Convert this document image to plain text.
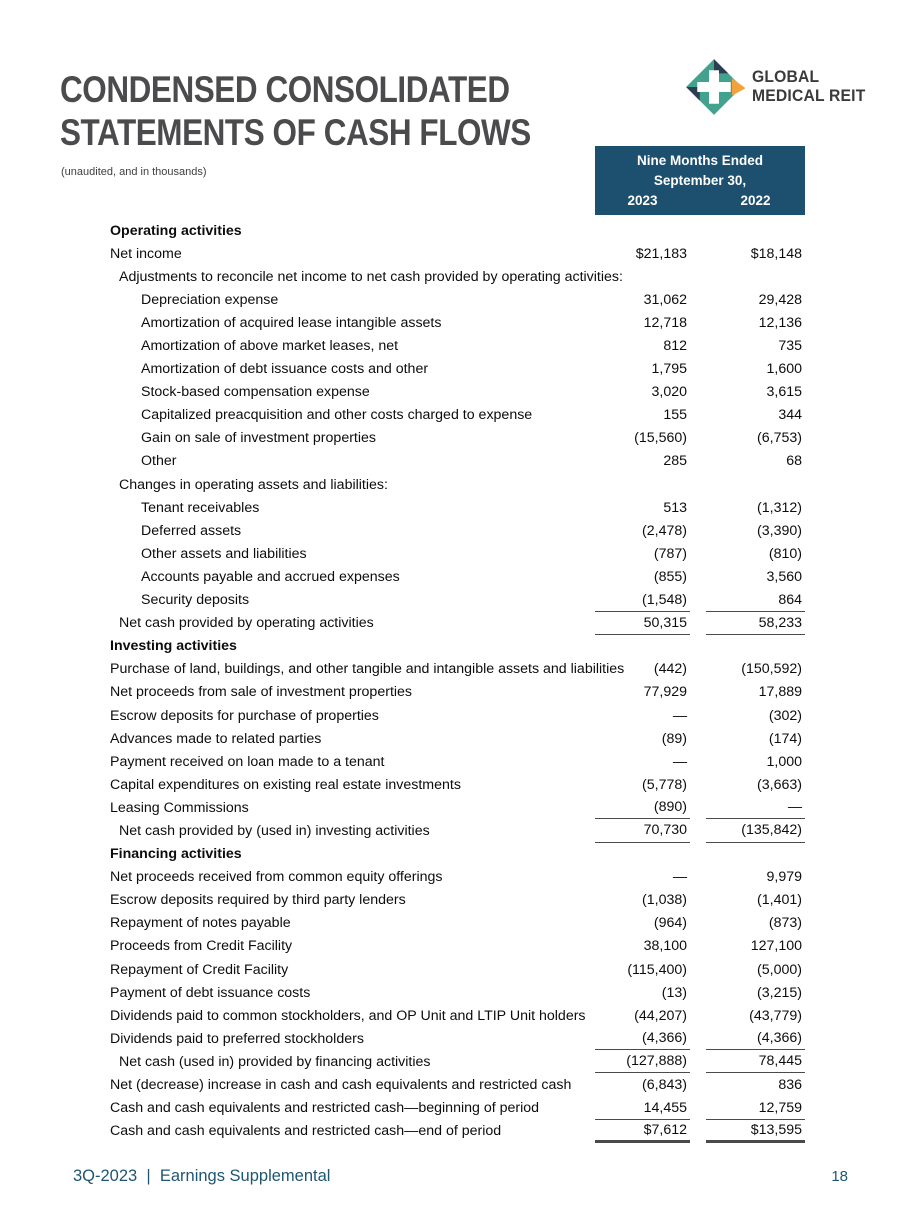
CONDENSED CONSOLIDATED
STATEMENTS OF CASH FLOWS
(unaudited, and in thousands)
GLOBAL
MEDICAL REIT
Nine Months Ended
September 30,
2023	2022
Operating activities
Net income	$21,183	$18,148
Adjustments to reconcile net income to net cash provided by operating activities:
Depreciation expense	31,062	29,428
Amortization of acquired lease intangible assets	12,718	12,136
Amortization of above market leases, net	812	735
Amortization of debt issuance costs and other	1,795	1,600
Stock-based compensation expense	3,020	3,615
Capitalized preacquisition and other costs charged to expense	155	344
Gain on sale of investment properties	(15,560)	(6,753)
Other	285	68
Changes in operating assets and liabilities:
Tenant receivables	513	(1,312)
Deferred assets	(2,478)	(3,390)
Other assets and liabilities	(787)	(810)
Accounts payable and accrued expenses	(855)	3,560
Security deposits	(1,548)	864
Net cash provided by operating activities	50,315	58,233
Investing activities
Purchase of land, buildings, and other tangible and intangible assets and liabilities	(442)	(150,592)
Net proceeds from sale of investment properties	77,929	17,889
Escrow deposits for purchase of properties	—	(302)
Advances made to related parties	(89)	(174)
Payment received on loan made to a tenant	—	1,000
Capital expenditures on existing real estate investments	(5,778)	(3,663)
Leasing Commissions	(890)	—
Net cash provided by (used in) investing activities	70,730	(135,842)
Financing activities
Net proceeds received from common equity offerings	—	9,979
Escrow deposits required by third party lenders	(1,038)	(1,401)
Repayment of notes payable	(964)	(873)
Proceeds from Credit Facility	38,100	127,100
Repayment of Credit Facility	(115,400)	(5,000)
Payment of debt issuance costs	(13)	(3,215)
Dividends paid to common stockholders, and OP Unit and LTIP Unit holders	(44,207)	(43,779)
Dividends paid to preferred stockholders	(4,366)	(4,366)
Net cash (used in) provided by financing activities	(127,888)	78,445
Net (decrease) increase in cash and cash equivalents and restricted cash	(6,843)	836
Cash and cash equivalents and restricted cash—beginning of period	14,455	12,759
Cash and cash equivalents and restricted cash—end of period	$7,612	$13,595
3Q-2023  |  Earnings Supplemental	18
